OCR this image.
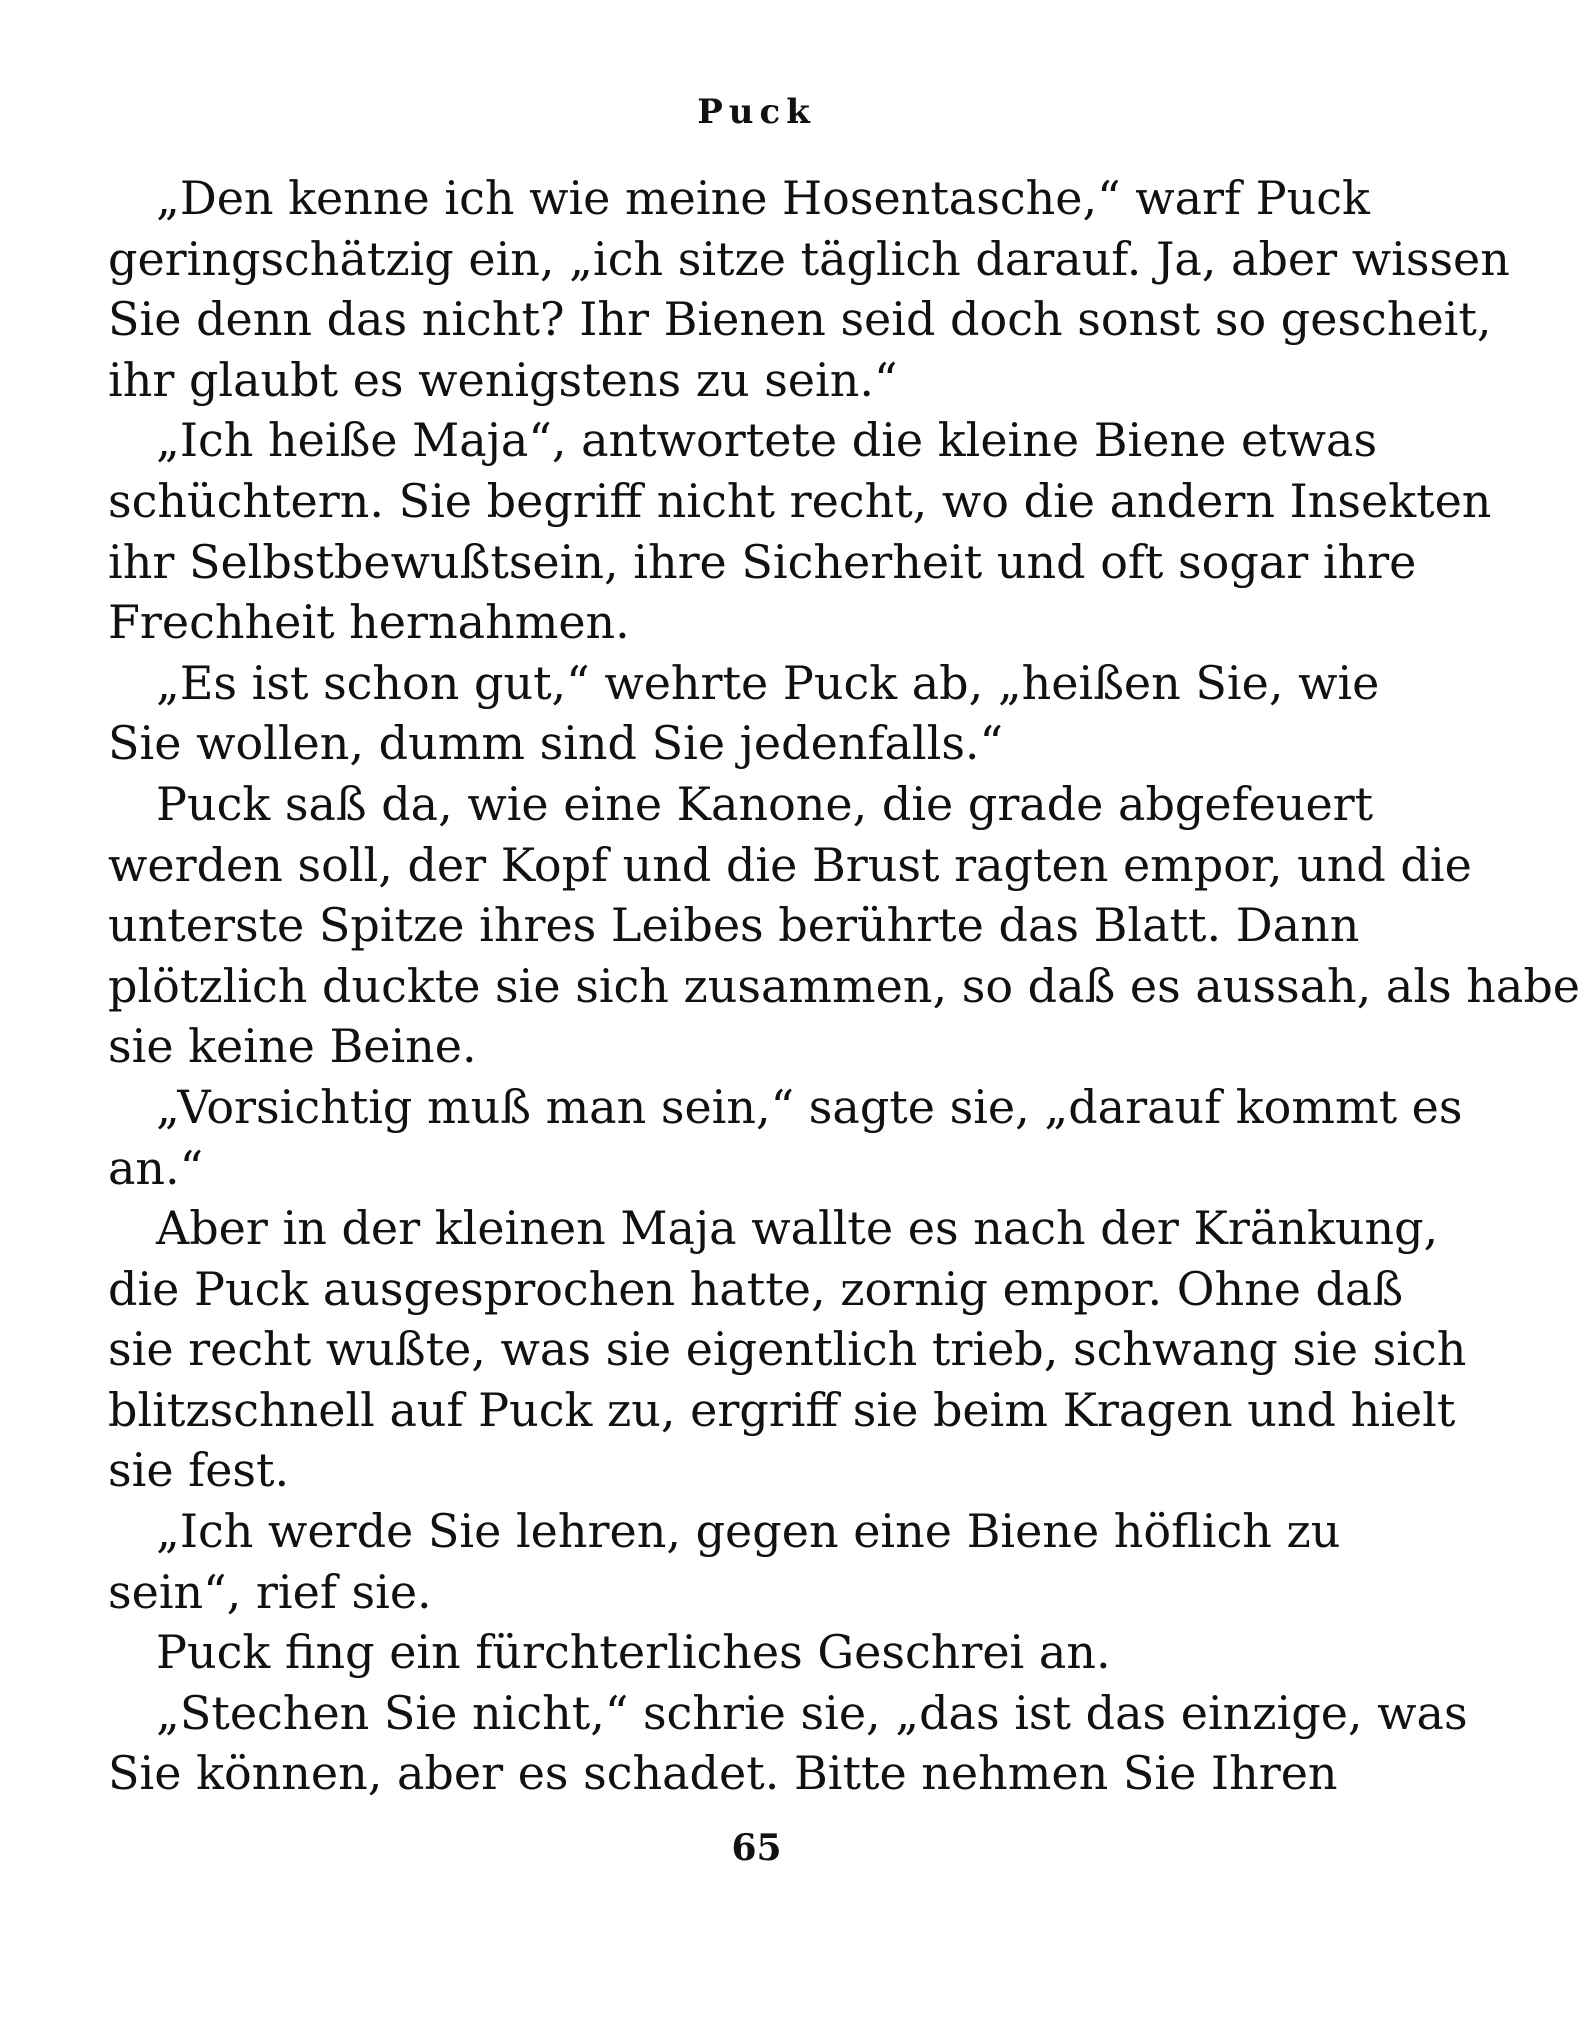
Puck
„Den kenne ich wie meine Hosentasche,“ warf Puck
geringschätzig ein, „ich sitze täglich darauf. Ja, aber wissen
Sie denn das nicht? Ihr Bienen seid doch sonst so gescheit,
ihr glaubt es wenigstens zu sein.“
„Ich heiße Maja“, antwortete die kleine Biene etwas
schüchtern. Sie begriff nicht recht, wo die andern Insekten
ihr Selbstbewußtsein, ihre Sicherheit und oft sogar ihre
Frechheit hernahmen.
„Es ist schon gut,“ wehrte Puck ab, „heißen Sie, wie
Sie wollen, dumm sind Sie jedenfalls.“
Puck saß da, wie eine Kanone, die grade abgefeuert
werden soll, der Kopf und die Brust ragten empor, und die
unterste Spitze ihres Leibes berührte das Blatt. Dann
plötzlich duckte sie sich zusammen, so daß es aussah, als habe
sie keine Beine.
„Vorsichtig muß man sein,“ sagte sie, „darauf kommt es
an.“
Aber in der kleinen Maja wallte es nach der Kränkung,
die Puck ausgesprochen hatte, zornig empor. Ohne daß
sie recht wußte, was sie eigentlich trieb, schwang sie sich
blitzschnell auf Puck zu, ergriff sie beim Kragen und hielt
sie fest.
„Ich werde Sie lehren, gegen eine Biene höflich zu
sein“, rief sie.
Puck fing ein fürchterliches Geschrei an.
„Stechen Sie nicht,“ schrie sie, „das ist das einzige, was
Sie können, aber es schadet. Bitte nehmen Sie Ihren
65
